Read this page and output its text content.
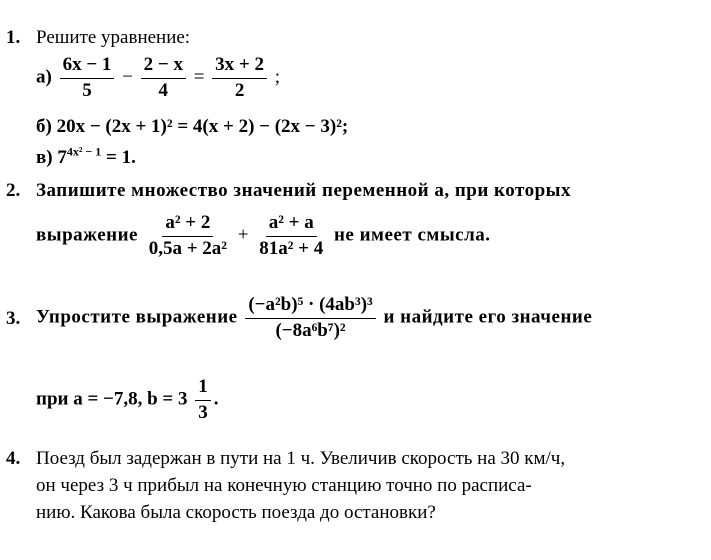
1. Решите уравнение:
$а) \frac{6x - 1}{5} - \frac{2 - x}{4} = \frac{3x + 2}{2}$ ;
б) 20x − (2x + 1)² = 4(x + 2) − (2x − 3)²;
в) $7^{4x^2 - 1} = 1$.
2. Запишите множество значений переменной a, при которых
выражение $\frac{\text{a² + 2}}{\text{0,5a + 2a²}} + \frac{\text{a² + a}}{\text{81a² + 4}}$ не имеет смысла.
3. Упростите выражение $\frac{\text{(−a²b)⁵ · (4ab³)³}}{\text{(−8a⁶b⁷)²}}$ и найдите его значение
при a = −7,8, $b = 3 \frac{1}{3}$ .
4. Поезд был задержан в пути на 1 ч. Увеличив скорость на 30 км/ч,
он через 3 ч прибыл на конечную станцию точно по расписа-
нию. Какова была скорость поезда до остановки?
